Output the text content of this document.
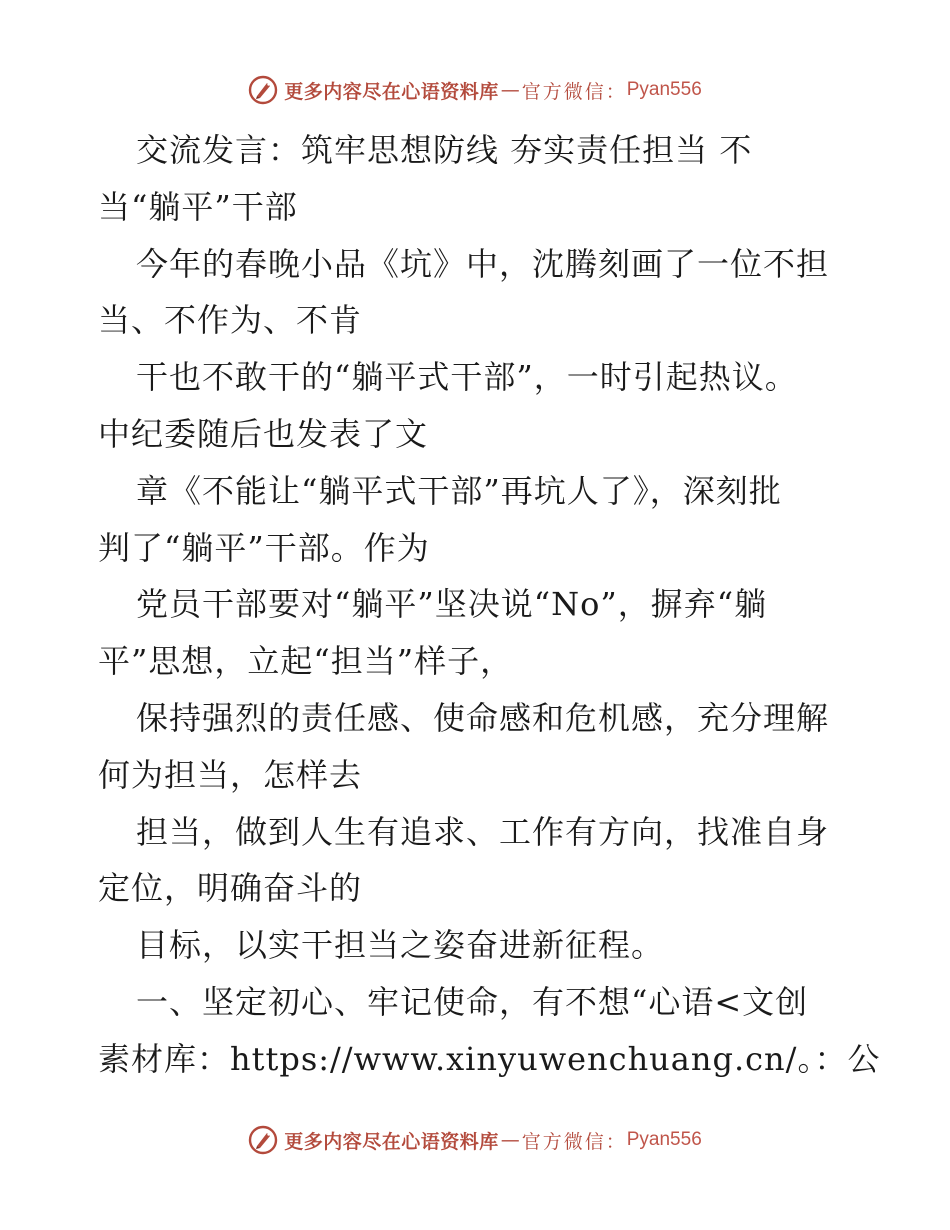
更多内容尽在心语资料库 — 官方微信： Pyan556
交流发言：筑牢思想防线 夯实责任担当 不
当“躺平”干部
今年的春晚小品《坑》中，沈腾刻画了一位不担
当、不作为、不肯
干也不敢干的“躺平式干部”，一时引起热议。
中纪委随后也发表了文
章《不能让“躺平式干部”再坑人了》，深刻批
判了“躺平”干部。作为
党员干部要对“躺平”坚决说“No”，摒弃“躺
平”思想，立起“担当”样子，
保持强烈的责任感、使命感和危机感，充分理解
何为担当，怎样去
担当，做到人生有追求、工作有方向，找准自身
定位，明确奋斗的
目标，以实干担当之姿奋进新征程。
一、坚定初心、牢记使命，有不想“心语<文创
素材库：https://www.xinyuwenchuang.cn/。：公
更多内容尽在心语资料库 — 官方微信： Pyan556
